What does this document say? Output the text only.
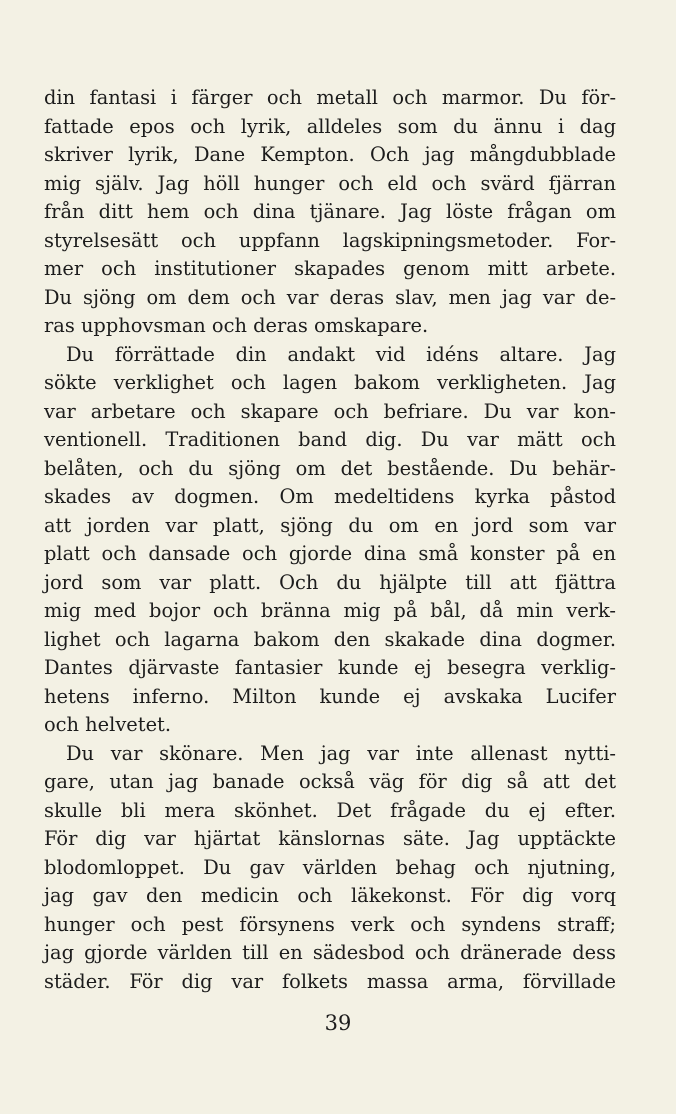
din fantasi i färger och metall och marmor. Du för-
fattade epos och lyrik, alldeles som du ännu i dag
skriver lyrik, Dane Kempton. Och jag mångdubblade
mig själv. Jag höll hunger och eld och svärd fjärran
från ditt hem och dina tjänare. Jag löste frågan om
styrelsesätt och uppfann lagskipningsmetoder. For-
mer och institutioner skapades genom mitt arbete.
Du sjöng om dem och var deras slav, men jag var de-
ras upphovsman och deras omskapare.
Du förrättade din andakt vid idéns altare. Jag
sökte verklighet och lagen bakom verkligheten. Jag
var arbetare och skapare och befriare. Du var kon-
ventionell. Traditionen band dig. Du var mätt och
belåten, och du sjöng om det bestående. Du behär-
skades av dogmen. Om medeltidens kyrka påstod
att jorden var platt, sjöng du om en jord som var
platt och dansade och gjorde dina små konster på en
jord som var platt. Och du hjälpte till att fjättra
mig med bojor och bränna mig på bål, då min verk-
lighet och lagarna bakom den skakade dina dogmer.
Dantes djärvaste fantasier kunde ej besegra verklig-
hetens inferno. Milton kunde ej avskaka Lucifer
och helvetet.
Du var skönare. Men jag var inte allenast nytti-
gare, utan jag banade också väg för dig så att det
skulle bli mera skönhet. Det frågade du ej efter.
För dig var hjärtat känslornas säte. Jag upptäckte
blodomloppet. Du gav världen behag och njutning,
jag gav den medicin och läkekonst. För dig vorq
hunger och pest försynens verk och syndens straff;
jag gjorde världen till en sädesbod och dränerade dess
städer. För dig var folkets massa arma, förvillade
39
